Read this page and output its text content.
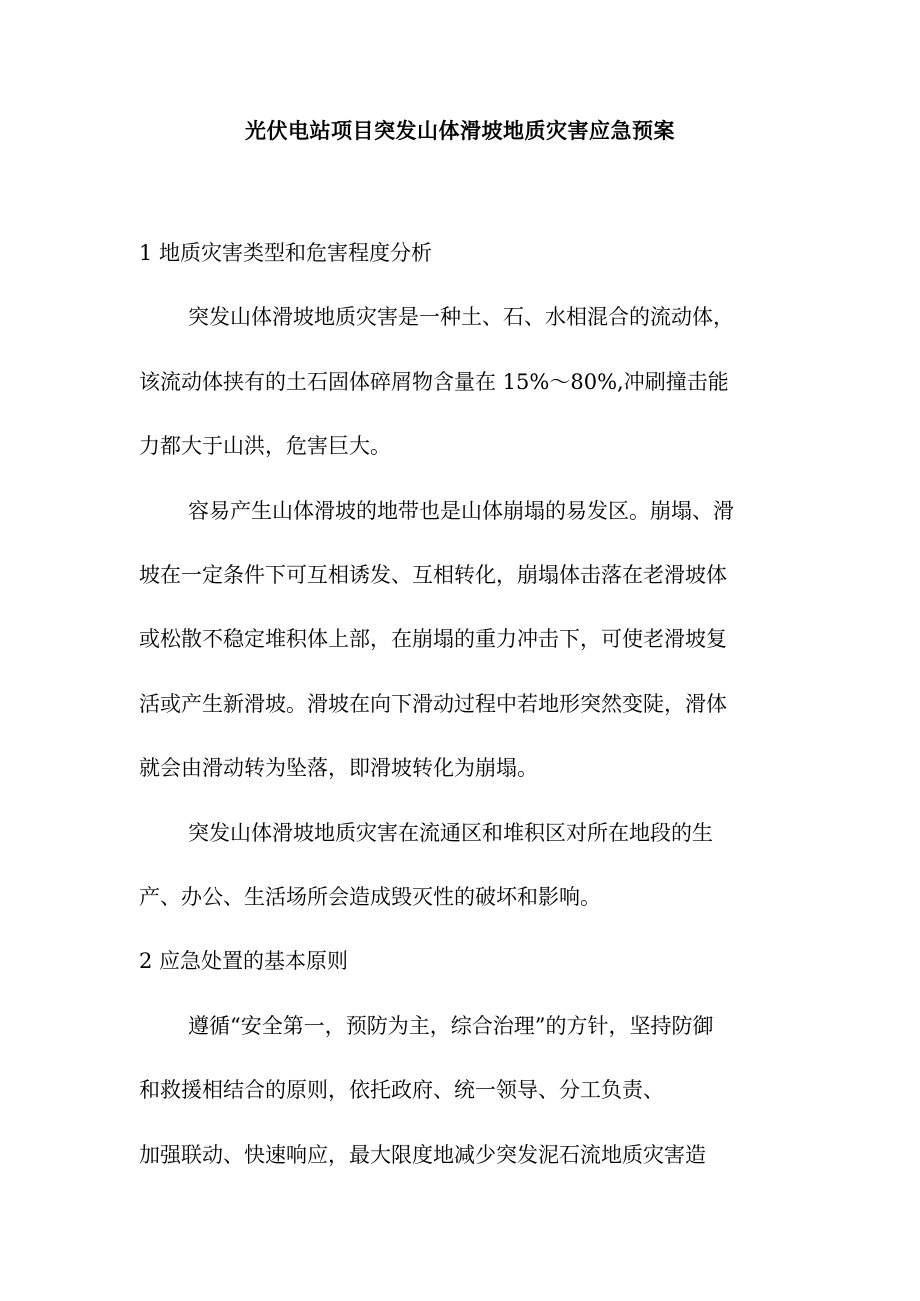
光伏电站项目突发山体滑坡地质灾害应急预案
1 地质灾害类型和危害程度分析
突发山体滑坡地质灾害是一种土、石、水相混合的流动体，
该流动体挟有的土石固体碎屑物含量在 15%～80%,冲刷撞击能
力都大于山洪，危害巨大。
容易产生山体滑坡的地带也是山体崩塌的易发区。崩塌、滑
坡在一定条件下可互相诱发、互相转化，崩塌体击落在老滑坡体
或松散不稳定堆积体上部，在崩塌的重力冲击下，可使老滑坡复
活或产生新滑坡。滑坡在向下滑动过程中若地形突然变陡，滑体
就会由滑动转为坠落，即滑坡转化为崩塌。
突发山体滑坡地质灾害在流通区和堆积区对所在地段的生
产、办公、生活场所会造成毁灭性的破坏和影响。
2 应急处置的基本原则
遵循“安全第一，预防为主，综合治理”的方针，坚持防御
和救援相结合的原则，依托政府、统一领导、分工负责、
加强联动、快速响应，最大限度地减少突发泥石流地质灾害造
